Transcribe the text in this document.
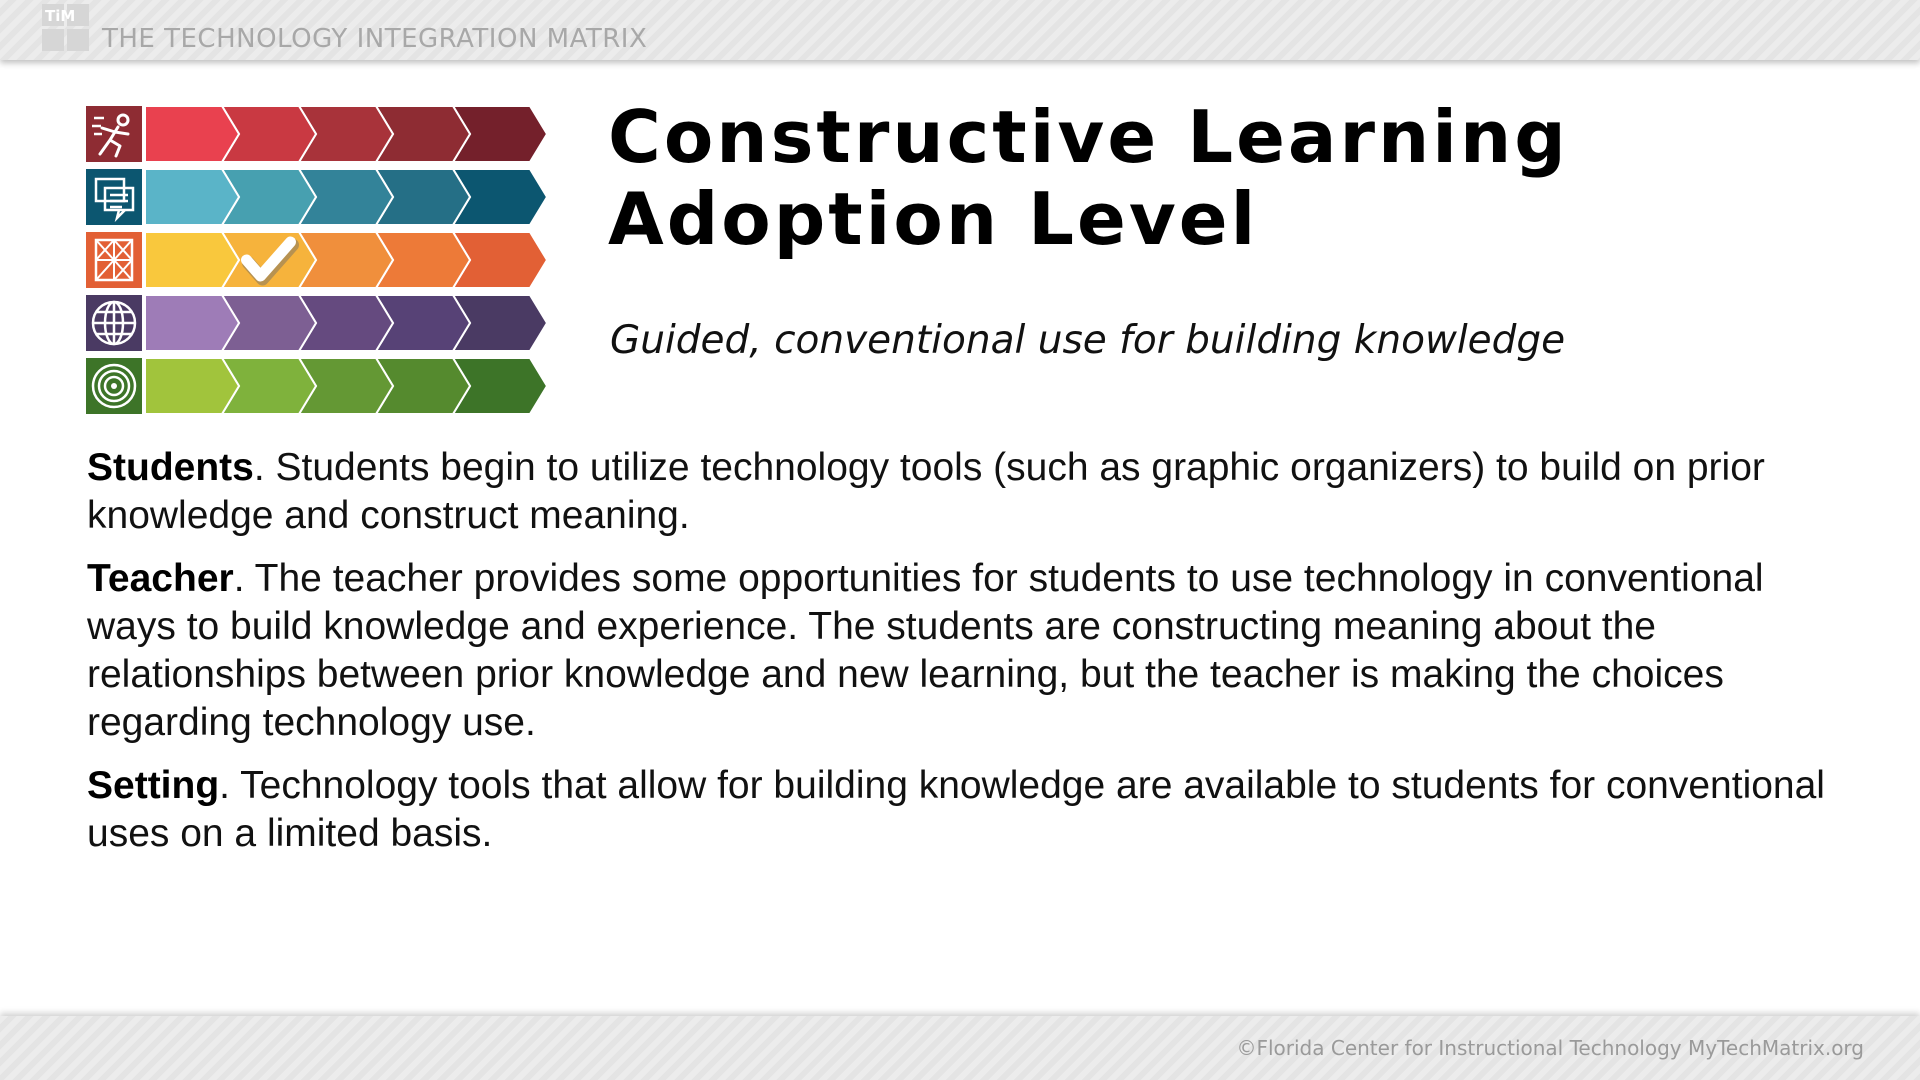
TiM
THE TECHNOLOGY INTEGRATION MATRIX
Constructive Learning
Adoption Level
Guided, conventional use for building knowledge

Students. Students begin to utilize technology tools (such as graphic organizers) to build on prior knowledge and construct meaning.

Teacher. The teacher provides some opportunities for students to use technology in conventional ways to build knowledge and experience. The students are constructing meaning about the relationships between prior knowledge and new learning, but the teacher is making the choices regarding technology use.

Setting. Technology tools that allow for building knowledge are available to students for conventional uses on a limited basis.

©Florida Center for Instructional Technology MyTechMatrix.org
